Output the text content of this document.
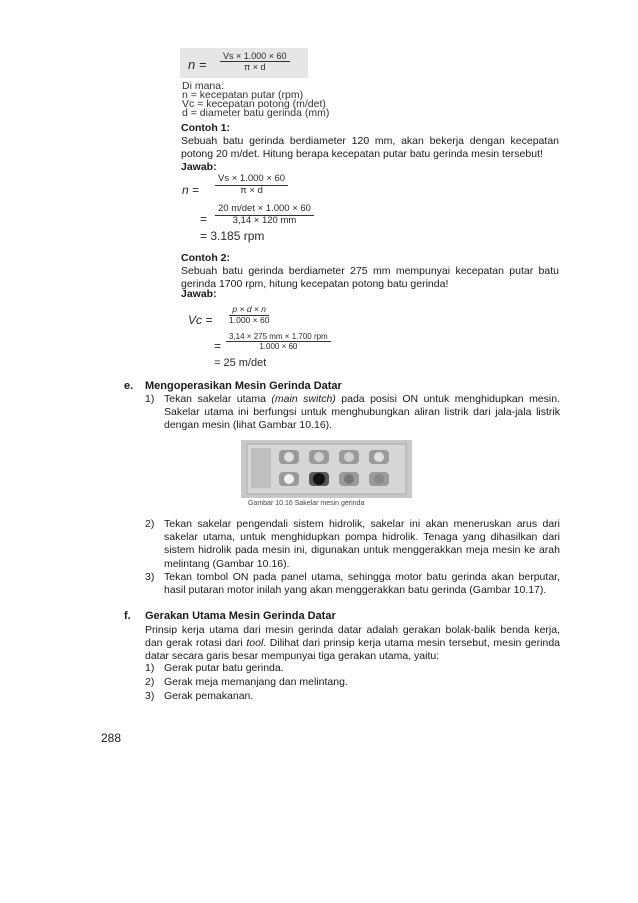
$n = \frac{Vs \times 1.000 \times 60}{\pi \times d}$
Di mana:
n = kecepatan putar (rpm)
Vc = kecepatan potong (m/det)
d = diameter batu gerinda (mm)
Contoh 1:
Sebuah batu gerinda berdiameter 120 mm, akan bekerja dengan kecepatan potong 20 m/det. Hitung berapa kecepatan putar batu gerinda mesin tersebut!
Jawab:
$n = \frac{Vs \times 1.000 \times 60}{\pi \times d}$
=
20 m/det × 1.000 × 60
3,14 × 120 mm
= 3.185 rpm
Contoh 2:
Sebuah batu gerinda berdiameter 275 mm mempunyai kecepatan putar batu gerinda 1700 rpm, hitung kecepatan potong batu gerinda!
Jawab:
$Vc = \frac{p \times d \times n}{1.000 \times 60}$
=
3,14 × 275 mm × 1.700 rpm
1.000 × 60
= 25 m/det
e. Mengoperasikan Mesin Gerinda Datar
1) Tekan sakelar utama (main switch) pada posisi ON untuk menghidupkan mesin. Sakelar utama ini berfungsi untuk menghubungkan aliran listrik dari jala-jala listrik dengan mesin (lihat Gambar 10.16).

Gambar 10.16 Sakelar mesin gerinda
2) Tekan sakelar pengendali sistem hidrolik, sakelar ini akan meneruskan arus dari sakelar utama, untuk menghidupkan pompa hidrolik. Tenaga yang dihasilkan dari sistem hidrolik pada mesin ini, digunakan untuk menggerakkan meja mesin ke arah melintang (Gambar 10.16).

3) Tekan tombol ON pada panel utama, sehingga motor batu gerinda akan berputar, hasil putaran motor inilah yang akan menggerakkan batu gerinda (Gambar 10.17).

f. Gerakan Utama Mesin Gerinda Datar

Prinsip kerja utama dari mesin gerinda datar adalah gerakan bolak-balik benda kerja, dan gerak rotasi dari tool. Dilihat dari prinsip kerja utama mesin tersebut, mesin gerinda datar secara garis besar mempunyai tiga gerakan utama, yaitu:

1) Gerak putar batu gerinda.
2) Gerak meja memanjang dan melintang.
3) Gerak pemakanan.
288
